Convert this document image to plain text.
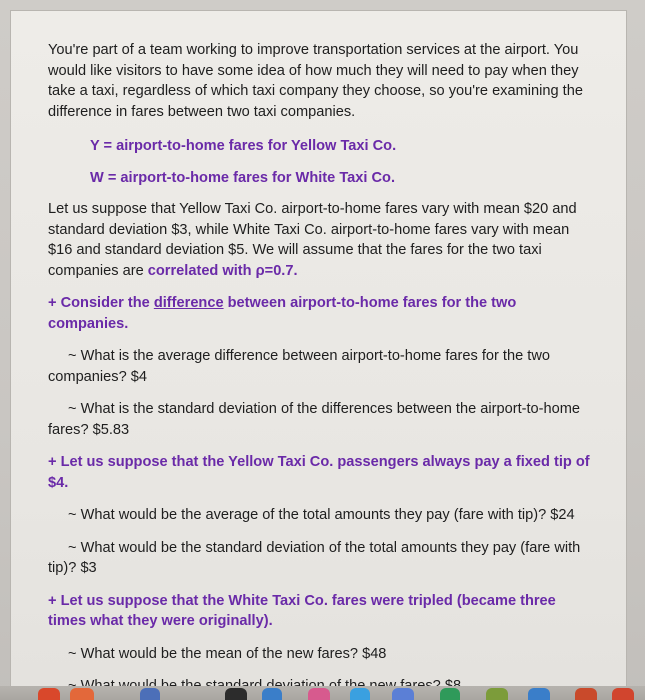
You're part of a team working to improve transportation services at the airport. You would like visitors to have some idea of how much they will need to pay when they take a taxi, regardless of which taxi company they choose, so you're examining the difference in fares between two taxi companies.

Y = airport-to-home fares for Yellow Taxi Co.

W = airport-to-home fares for White Taxi Co.

Let us suppose that Yellow Taxi Co. airport-to-home fares vary with mean $20 and standard deviation $3, while White Taxi Co. airport-to-home fares vary with mean $16 and standard deviation $5. We will assume that the fares for the two taxi companies are correlated with ρ=0.7.

+ Consider the difference between airport-to-home fares for the two companies.

~ What is the average difference between airport-to-home fares for the two companies? $4

~ What is the standard deviation of the differences between the airport-to-home fares? $5.83

+ Let us suppose that the Yellow Taxi Co. passengers always pay a fixed tip of $4.

~ What would be the average of the total amounts they pay (fare with tip)? $24

~ What would be the standard deviation of the total amounts they pay (fare with tip)? $3

+ Let us suppose that the White Taxi Co. fares were tripled (became three times what they were originally).

~ What would be the mean of the new fares? $48
